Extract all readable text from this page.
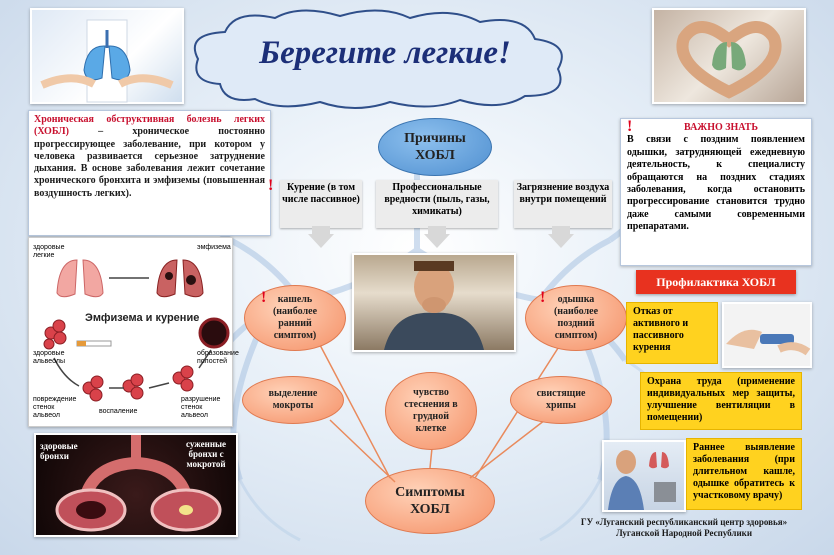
Берегите легкие!
Хроническая обструктивная болезнь легких (ХОБЛ) – хроническое постоянно прогрессирующее заболевание, при котором у человека развивается серьезное затруднение дыхания. В основе заболевания лежит сочетание хронического бронхита и эмфиземы (повышенная воздушность легких).
здоровые легкие
эмфизема
Эмфизема и курение
здоровые альвеолы
образование полостей
повреждение стенок альвеол
воспаление
разрушение стенок альвеол
здоровые бронхи
суженные бронхи с мокротой
Причины
ХОБЛ
! Курение (в том числе пассивное)
Профессиональные вредности (пыль, газы, химикаты)
Загрязнение воздуха внутри помещений
Симптомы
ХОБЛ
!	кашель (наиболее ранний симптом)
!	одышка (наиболее поздний симптом)
выделение мокроты
чувство стеснения в грудной клетке
свистящие хрипы
!	ВАЖНО ЗНАТЬ
В связи с поздним появлением одышки, затрудняющей ежедневную деятельность, к специалисту обращаются на поздних стадиях заболевания, когда остановить прогрессирование становится трудно даже самыми современными препаратами.
Профилактика ХОБЛ
Отказ от активного и пассивного курения
Охрана труда (применение индивидуальных мер защиты, улучшение вентиляции в помещении)
Раннее выявление заболевания (при длительном кашле, одышке обратитесь к участковому врачу)
ГУ «Луганский республиканский центр здоровья»
Луганской Народной Республики
